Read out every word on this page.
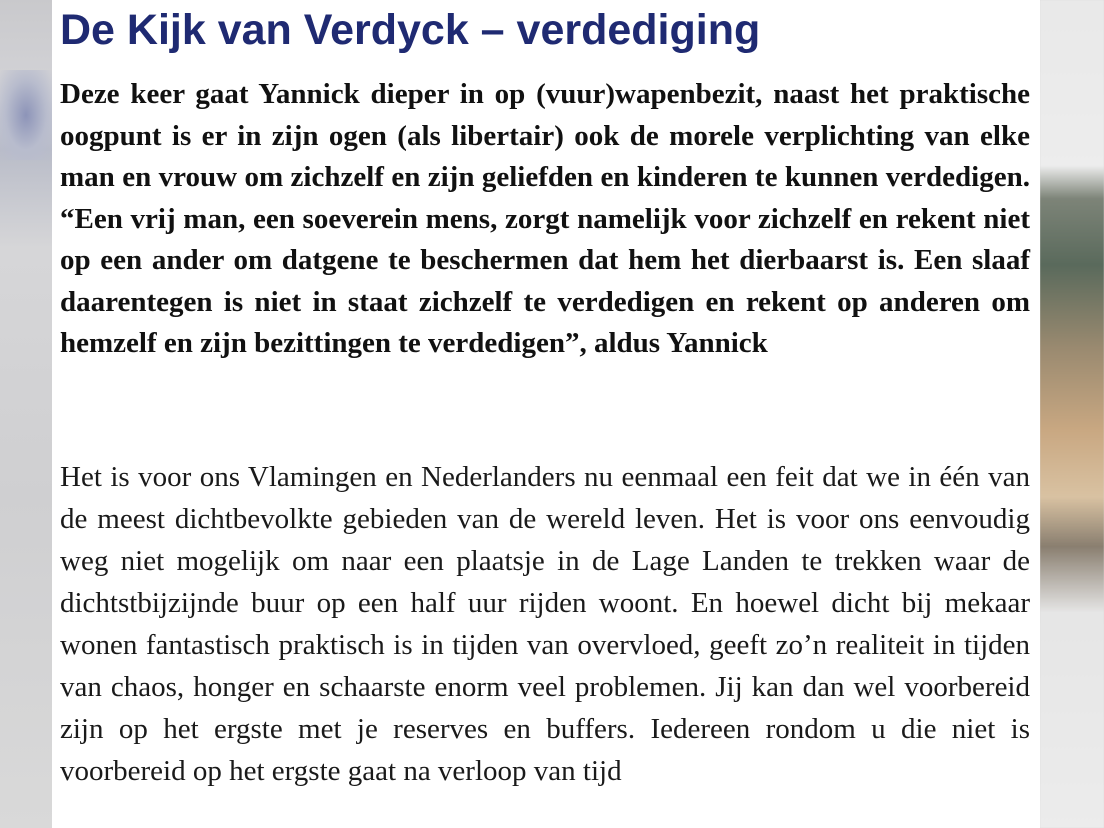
De Kijk van Verdyck – verdediging

Deze keer gaat Yannick dieper in op (vuur)wapenbezit, naast het praktische oogpunt is er in zijn ogen (als libertair) ook de morele verplichting van elke man en vrouw om zichzelf en zijn geliefden en kinderen te kunnen verdedigen. “Een vrij man, een soeverein mens, zorgt namelijk voor zichzelf en rekent niet op een ander om datgene te beschermen dat hem het dierbaarst is. Een slaaf daarentegen is niet in staat zichzelf te verdedigen en rekent op anderen om hemzelf en zijn bezittingen te verdedigen”, aldus Yannick

Het is voor ons Vlamingen en Nederlanders nu eenmaal een feit dat we in één van de meest dichtbevolkte gebieden van de wereld leven. Het is voor ons eenvoudig weg niet mogelijk om naar een plaatsje in de Lage Landen te trekken waar de dichtstbijzijnde buur op een half uur rijden woont. En hoewel dicht bij mekaar wonen fantastisch praktisch is in tijden van overvloed, geeft zo’n realiteit in tijden van chaos, honger en schaarste enorm veel problemen. Jij kan dan wel voorbereid zijn op het ergste met je reserves en buffers. Iedereen rondom u die niet is voorbereid op het ergste gaat na verloop van tijd
